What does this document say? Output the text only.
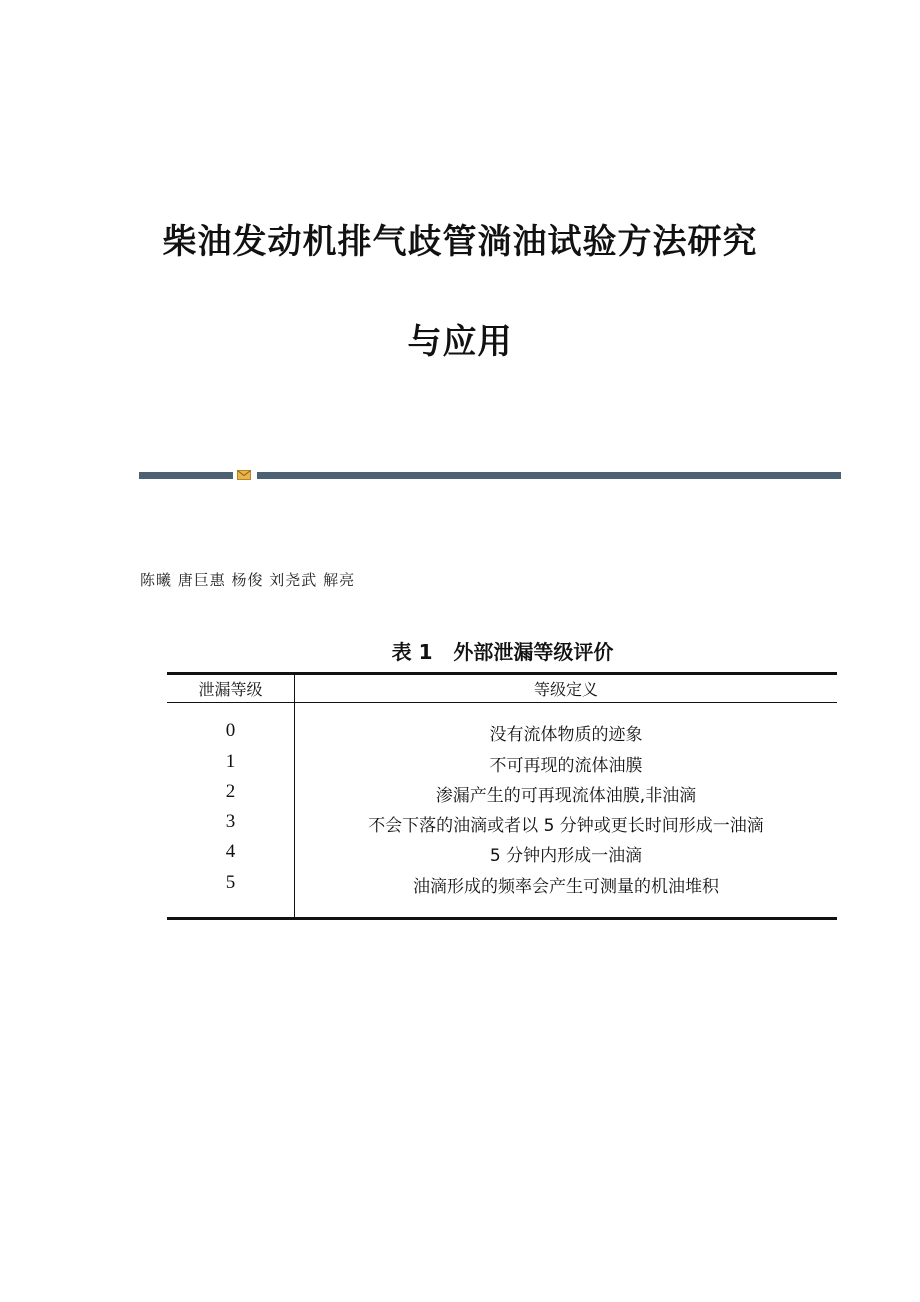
柴油发动机排气歧管淌油试验方法研究
与应用
陈曦 唐巨惠 杨俊 刘尧武 解亮
表 1   外部泄漏等级评价
泄漏等级	等级定义
0	没有流体物质的迹象
1	不可再现的流体油膜
2	渗漏产生的可再现流体油膜,非油滴
3	不会下落的油滴或者以 5 分钟或更长时间形成一油滴
4	5 分钟内形成一油滴
5	油滴形成的频率会产生可测量的机油堆积
